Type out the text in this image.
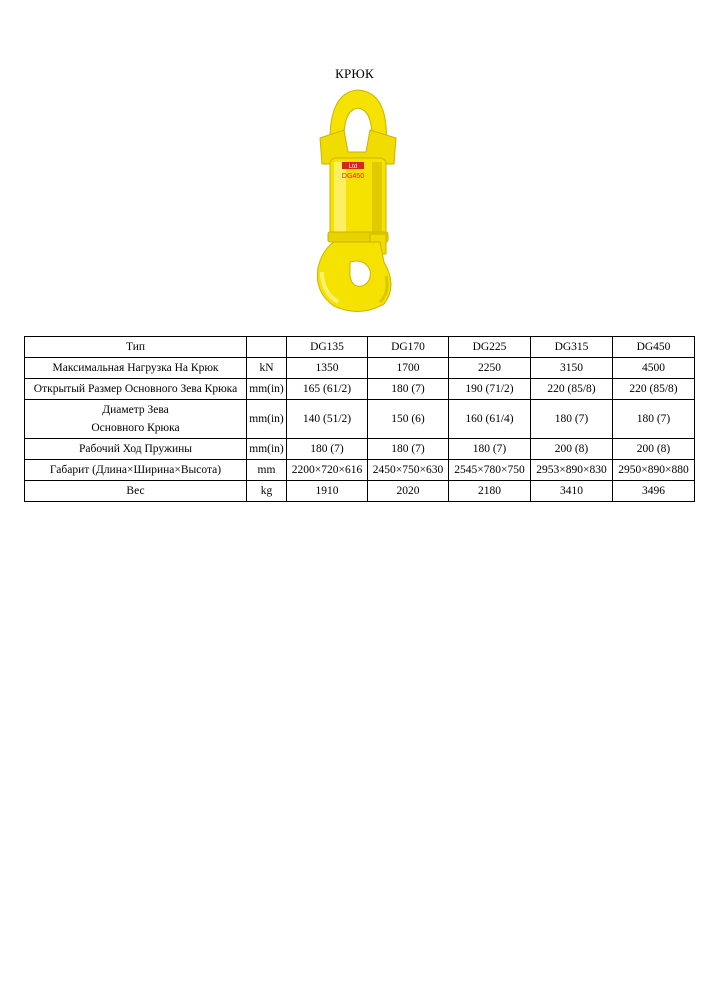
КРЮК
Ltd
DG450
Тип		DG135	DG170	DG225	DG315	DG450
Максимальная Нагрузка На Крюк	kN	1350	1700	2250	3150	4500
Открытый Размер Основного Зева Крюка	mm(in)	165 (61/2)	180 (7)	190 (71/2)	220 (85/8)	220 (85/8)

Диаметр Зева
Основного Крюка	mm(in)	140 (51/2)	150 (6)	160 (61/4)	180 (7)	180 (7)
Рабочий Ход Пружины	mm(in)	180 (7)	180 (7)	180 (7)	200 (8)	200 (8)
Габарит (Длина×Ширина×Высота)	mm	2200×720×616	2450×750×630	2545×780×750	2953×890×830	2950×890×880
Вес	kg	1910	2020	2180	3410	3496
